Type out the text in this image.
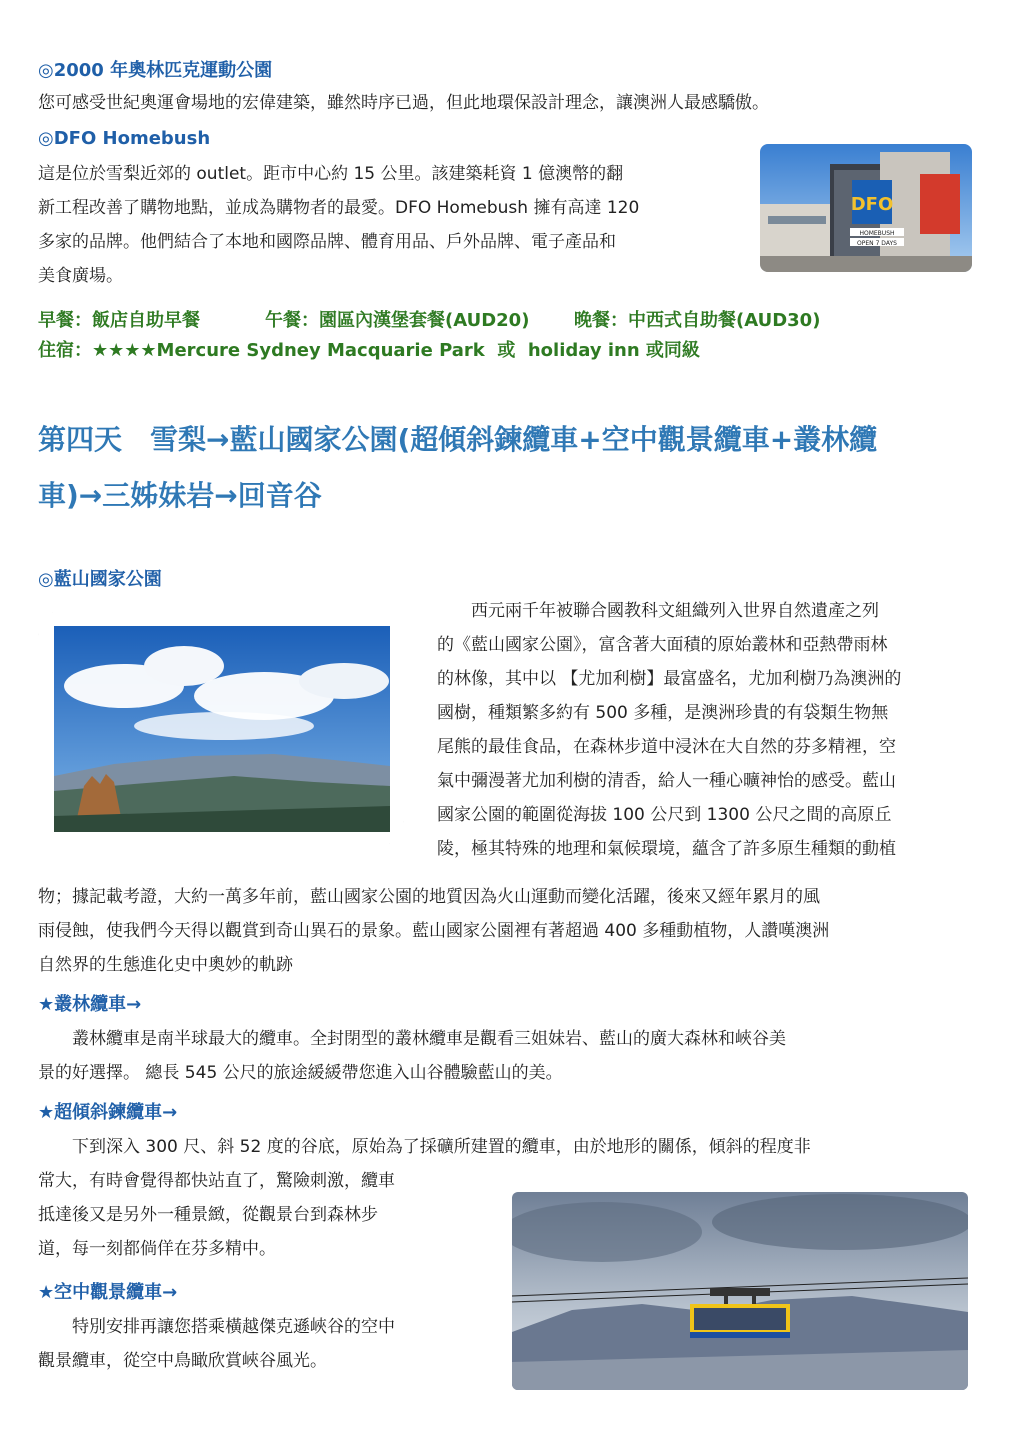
◎2000 年奧林匹克運動公園
您可感受世紀奧運會場地的宏偉建築，雖然時序已過，但此地環保設計理念，讓澳洲人最感驕傲。
◎DFO Homebush
這是位於雪梨近郊的 outlet。距市中心約 15 公里。該建築耗資 1 億澳幣的翻
新工程改善了購物地點，並成為購物者的最愛。DFO Homebush 擁有高達 120
多家的品牌。他們結合了本地和國際品牌、體育用品、戶外品牌、電子產品和
美食廣場。
DFO
HOMEBUSH
OPEN 7 DAYS
早餐：飯店自助早餐	午餐：園區內漢堡套餐(AUD20) 晚餐：中西式自助餐(AUD30)
住宿：★★★★Mercure Sydney Macquarie Park  或  holiday inn 或同級
第四天　雪梨→藍山國家公園(超傾斜鍊纜車+空中觀景纜車+叢林纜
車)→三姊妹岩→回音谷
◎藍山國家公園
　　西元兩千年被聯合國教科文組織列入世界自然遺產之列
的《藍山國家公園》，富含著大面積的原始叢林和亞熱帶雨林
的林像，其中以 【尤加利樹】最富盛名，尤加利樹乃為澳洲的
國樹，種類繁多約有 500 多種，是澳洲珍貴的有袋類生物無
尾熊的最佳食品，在森林步道中浸沐在大自然的芬多精裡，空
氣中彌漫著尤加利樹的清香，給人一種心曠神怡的感受。藍山
國家公園的範圍從海拔 100 公尺到 1300 公尺之間的高原丘
陵，極其特殊的地理和氣候環境，蘊含了許多原生種類的動植
物；據記載考證，大約一萬多年前，藍山國家公園的地質因為火山運動而變化活躍，後來又經年累月的風
雨侵蝕，使我們今天得以觀賞到奇山異石的景象。藍山國家公園裡有著超過 400 多種動植物，人讚嘆澳洲
自然界的生態進化史中奧妙的軌跡
★叢林纜車→
　　叢林纜車是南半球最大的纜車。全封閉型的叢林纜車是觀看三姐妹岩、藍山的廣大森林和峽谷美
景的好選擇。 總長 545 公尺的旅途緩緩帶您進入山谷體驗藍山的美。
★超傾斜鍊纜車→
　　下到深入 300 尺、斜 52 度的谷底，原始為了採礦所建置的纜車，由於地形的關係，傾斜的程度非
常大，有時會覺得都快站直了，驚險刺激，纜車
抵達後又是另外一種景緻，從觀景台到森林步
道，每一刻都倘佯在芬多精中。
★空中觀景纜車→
　　特別安排再讓您搭乘橫越傑克遜峽谷的空中
觀景纜車，從空中鳥瞰欣賞峽谷風光。
